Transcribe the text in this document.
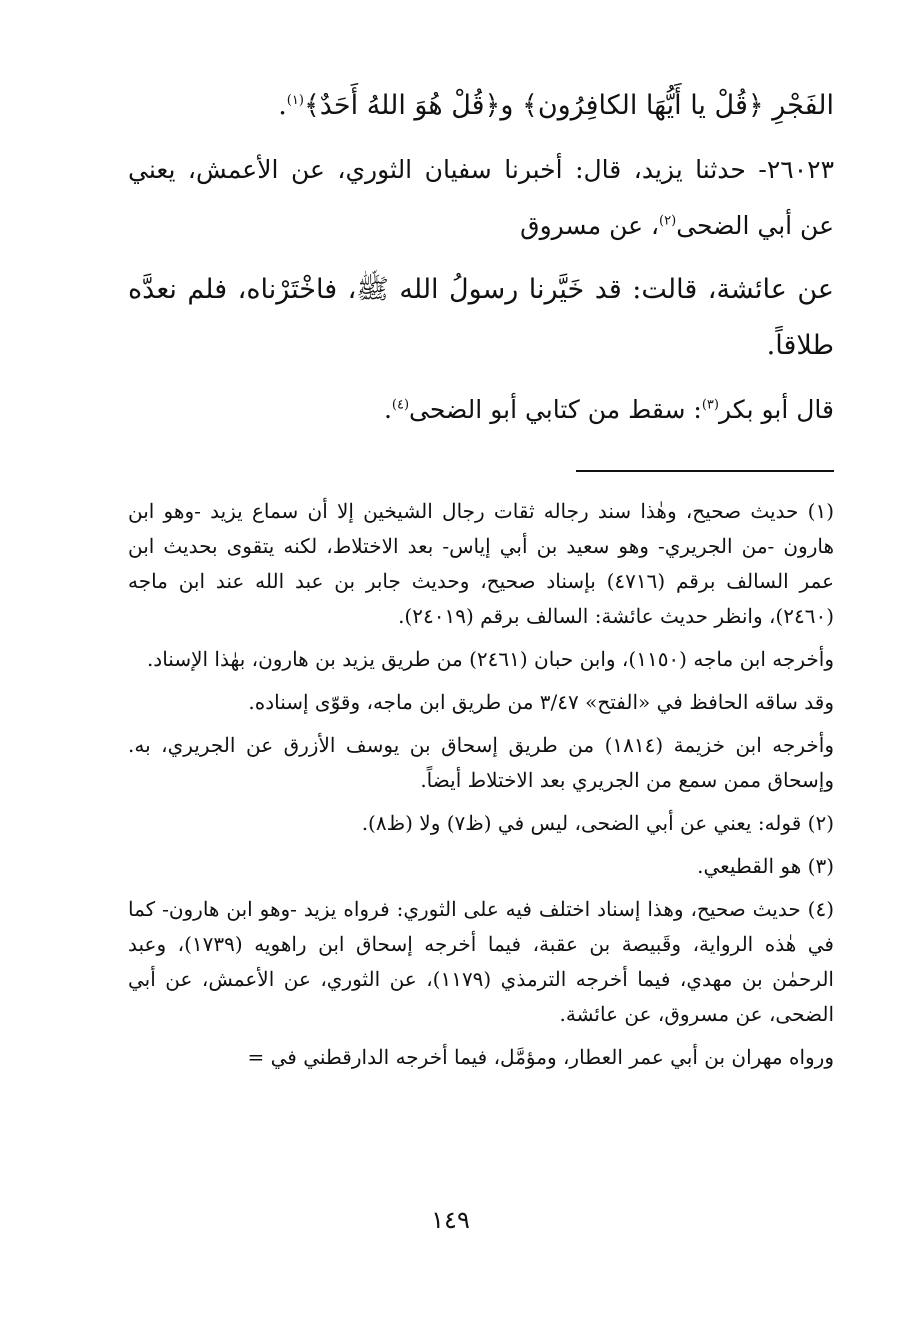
الفَجْرِ ﴿قُلْ يا أَيُّهَا الكافِرُون﴾ و﴿قُلْ هُوَ اللهُ أَحَدٌ﴾$^{(١)}$.

٢٦٠٢٣- حدثنا يزيد، قال: أخبرنا سفيان الثوري، عن الأعمش، يعني عن أبي الضحى$^{(٢)}$، عن مسروق

عن عائشة، قالت: قد خَيَّرنا رسولُ الله ﷺ، فاخْتَرْناه، فلم نعدَّه طلاقاً.

قال أبو بكر$^{(٣)}$: سقط من كتابي أبو الضحى$^{(٤)}$.

(١) حديث صحيح، وهٰذا سند رجاله ثقات رجال الشيخين إلا أن سماع يزيد -وهو ابن هارون -من الجريري- وهو سعيد بن أبي إياس- بعد الاختلاط، لكنه يتقوى بحديث ابن عمر السالف برقم (٤٧١٦) بإسناد صحيح، وحديث جابر بن عبد الله عند ابن ماجه (٢٤٦٠)، وانظر حديث عائشة: السالف برقم (٢٤٠١٩).

وأخرجه ابن ماجه (١١٥٠)، وابن حبان (٢٤٦١) من طريق يزيد بن هارون، بهٰذا الإسناد.

وقد ساقه الحافظ في «الفتح» ٣/٤٧ من طريق ابن ماجه، وقوّى إسناده.

وأخرجه ابن خزيمة (١٨١٤) من طريق إسحاق بن يوسف الأزرق عن الجريري، به. وإسحاق ممن سمع من الجريري بعد الاختلاط أيضاً.

(٢) قوله: يعني عن أبي الضحى، ليس في (ظ٧) ولا (ظ٨).

(٣) هو القطيعي.

(٤) حديث صحيح، وهذا إسناد اختلف فيه على الثوري: فرواه يزيد -وهو ابن هارون- كما في هٰذه الرواية، وقَبيصة بن عقبة، فيما أخرجه إسحاق ابن راهويه (١٧٣٩)، وعبد الرحمٰن بن مهدي، فيما أخرجه الترمذي (١١٧٩)، عن الثوري، عن الأعمش، عن أبي الضحى، عن مسروق، عن عائشة.

ورواه مهران بن أبي عمر العطار، ومؤمَّل، فيما أخرجه الدارقطني في =

١٤٩
